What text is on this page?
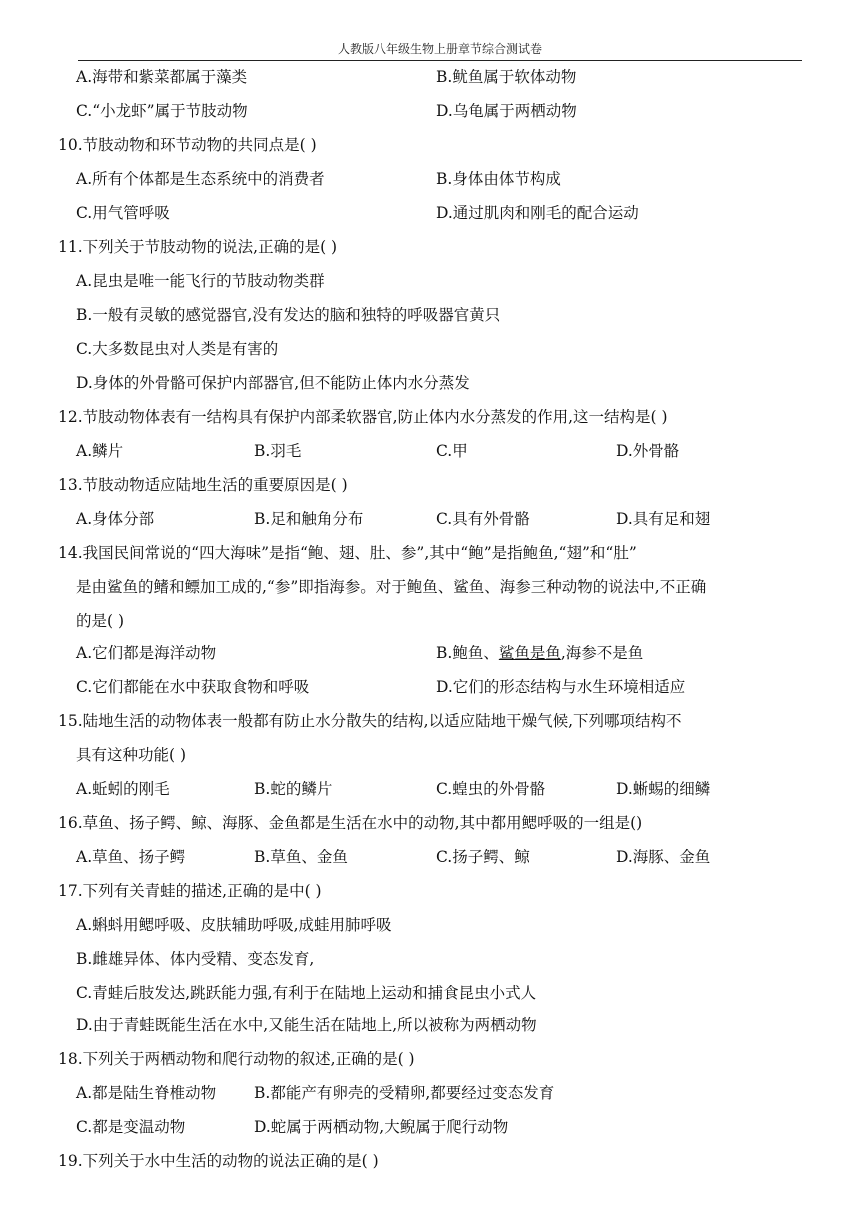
人教版八年级生物上册章节综合测试卷
A.海带和紫菜都属于藻类	B.鱿鱼属于软体动物
C.“小龙虾”属于节肢动物	D.乌龟属于两栖动物
10.节肢动物和环节动物的共同点是( )
A.所有个体都是生态系统中的消费者	B.身体由体节构成
C.用气管呼吸	D.通过肌肉和刚毛的配合运动
11.下列关于节肢动物的说法,正确的是( )
A.昆虫是唯一能飞行的节肢动物类群
B.一般有灵敏的感觉器官,没有发达的脑和独特的呼吸器官黄只
C.大多数昆虫对人类是有害的
D.身体的外骨骼可保护内部器官,但不能防止体内水分蒸发
12.节肢动物体表有一结构具有保护内部柔软器官,防止体内水分蒸发的作用,这一结构是( )
A.鳞片	B.羽毛	C.甲	D.外骨骼
13.节肢动物适应陆地生活的重要原因是( )
A.身体分部	B.足和触角分布	C.具有外骨骼	D.具有足和翅
14.我国民间常说的“四大海味”是指“鲍、翅、肚、参”,其中“鲍”是指鲍鱼,“翅”和“肚”
是由鲨鱼的鳍和鳔加工成的,“参”即指海参。对于鲍鱼、鲨鱼、海参三种动物的说法中,不正确
的是( )
A.它们都是海洋动物	B.鲍鱼、鲨鱼是鱼,海参不是鱼
C.它们都能在水中获取食物和呼吸	D.它们的形态结构与水生环境相适应
15.陆地生活的动物体表一般都有防止水分散失的结构,以适应陆地干燥气候,下列哪项结构不
具有这种功能( )
A.蚯蚓的刚毛	B.蛇的鳞片	C.蝗虫的外骨骼	D.蜥蜴的细鳞
16.草鱼、扬子鳄、鲸、海豚、金鱼都是生活在水中的动物,其中都用鳃呼吸的一组是()
A.草鱼、扬子鳄	B.草鱼、金鱼	C.扬子鳄、鲸	D.海豚、金鱼
17.下列有关青蛙的描述,正确的是中( )
A.蝌蚪用鳃呼吸、皮肤辅助呼吸,成蛙用肺呼吸
B.雌雄异体、体内受精、变态发育,
C.青蛙后肢发达,跳跃能力强,有利于在陆地上运动和捕食昆虫小式人
D.由于青蛙既能生活在水中,又能生活在陆地上,所以被称为两栖动物
18.下列关于两栖动物和爬行动物的叙述,正确的是( )
A.都是陆生脊椎动物 B.都能产有卵壳的受精卵,都要经过变态发育
C.都是变温动物	D.蛇属于两栖动物,大鲵属于爬行动物
19.下列关于水中生活的动物的说法正确的是( )
